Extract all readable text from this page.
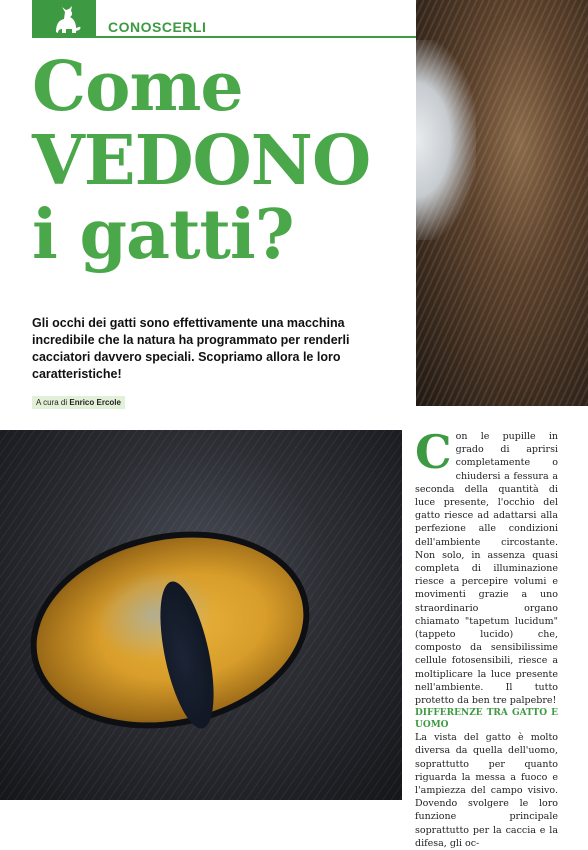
CONOSCERLI
Come
VEDONO
i gatti?

Gli occhi dei gatti sono effettivamente una macchina incredibile che la natura ha programmato per renderli cacciatori davvero speciali. Scopriamo allora le loro caratteristiche!

A cura di Enrico Ercole

Con le pupille in grado di aprirsi completamente o chiudersi a fessura a seconda della quantità di luce presente, l'occhio del gatto riesce ad adattarsi alla perfezione alle condizioni dell'ambiente circostante. Non solo, in assenza quasi completa di illuminazione riesce a percepire volumi e movimenti grazie a uno straordinario organo chiamato "tapetum lucidum" (tappeto lucido) che, composto da sensibilissime cellule fotosensibili, riesce a moltiplicare la luce presente nell'ambiente. Il tutto protetto da ben tre palpebre!

DIFFERENZE TRA GATTO E UOMO

La vista del gatto è molto diversa da quella dell'uomo, soprattutto per quanto riguarda la messa a fuoco e l'ampiezza del campo visivo. Dovendo svolgere le loro funzione principale soprattutto per la caccia e la difesa, gli oc-
